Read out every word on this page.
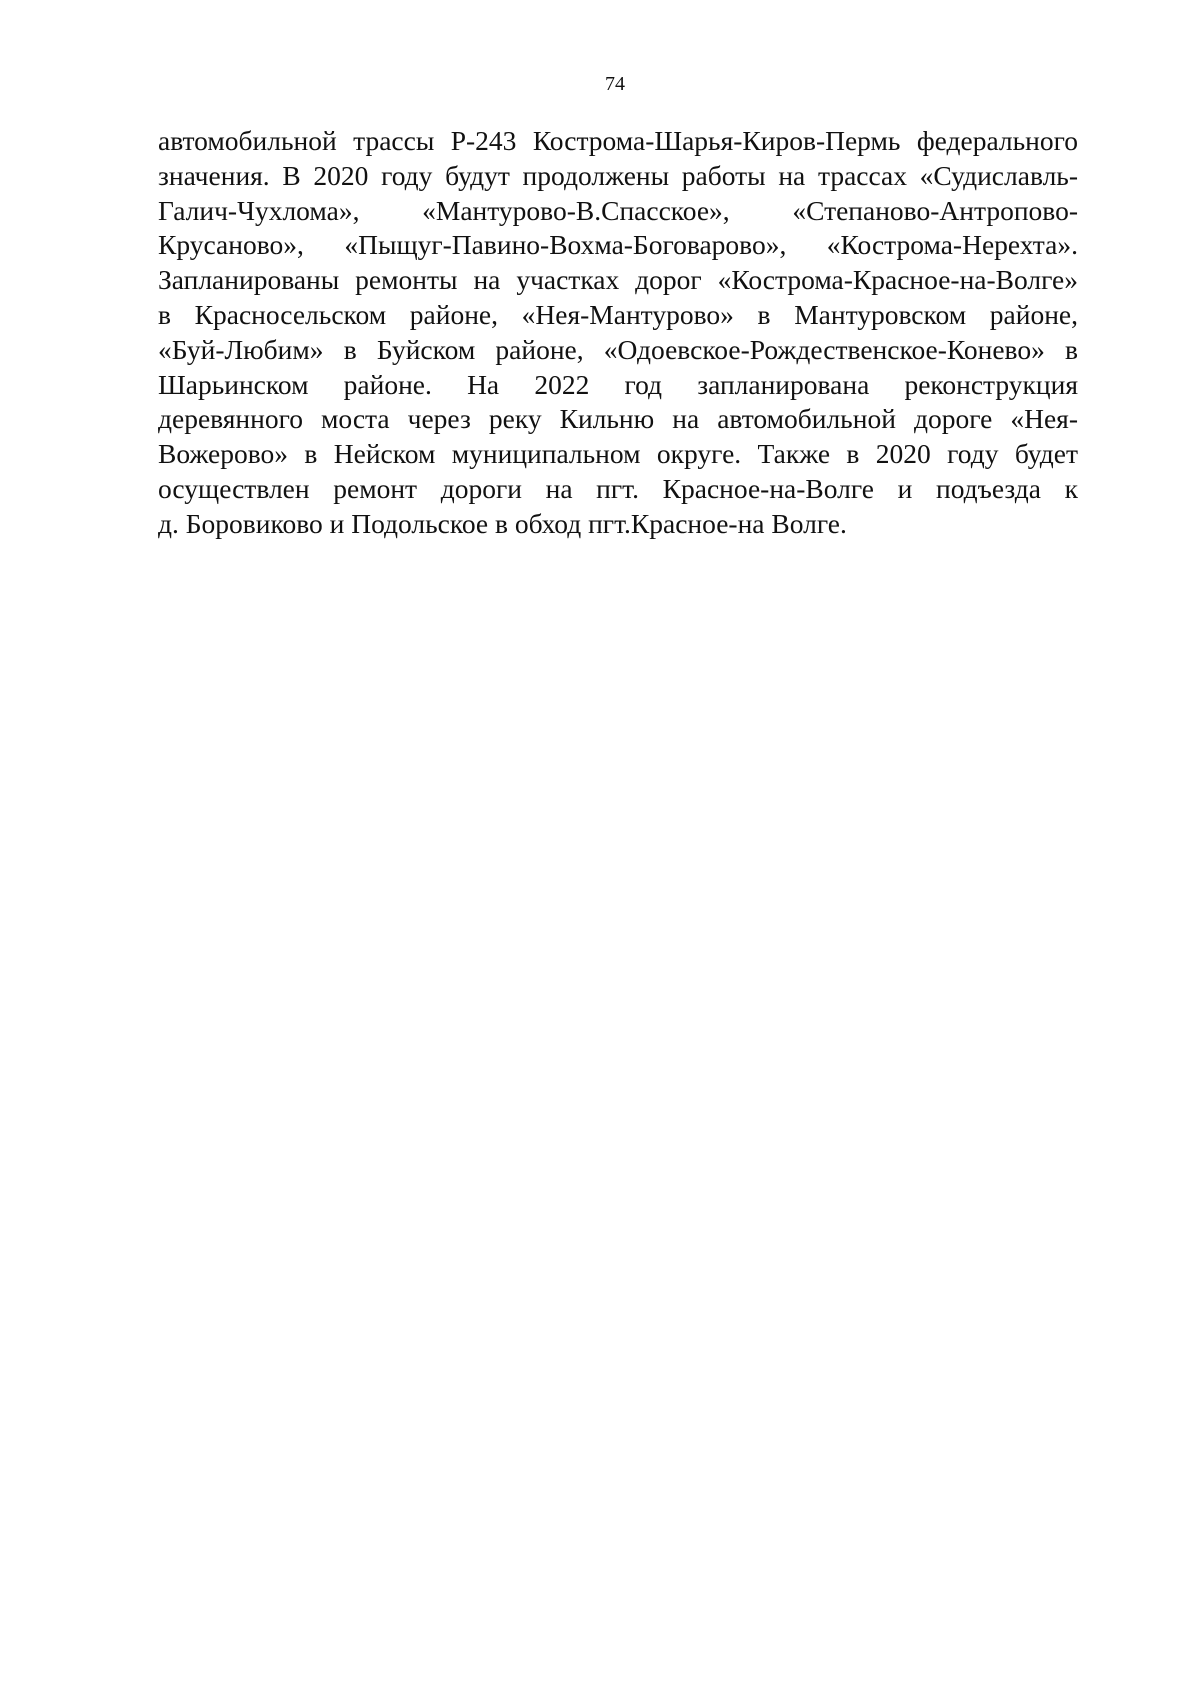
74
автомобильной трассы Р-243 Кострома-Шарья-Киров-Пермь федерального
значения. В 2020 году будут продолжены работы на трассах «Судиславль-
Галич-Чухлома», «Мантурово-В.Спасское», «Степаново-Антропово-
Крусаново», «Пыщуг-Павино-Вохма-Боговарово», «Кострома-Нерехта».
Запланированы ремонты на участках дорог «Кострома-Красное-на-Волге»
в Красносельском районе, «Нея-Мантурово» в Мантуровском районе,
«Буй-Любим» в Буйском районе, «Одоевское-Рождественское-Конево» в
Шарьинском районе. На 2022 год запланирована реконструкция
деревянного моста через реку Кильню на автомобильной дороге «Нея-
Вожерово» в Нейском муниципальном округе. Также в 2020 году будет
осуществлен ремонт дороги на пгт. Красное-на-Волге и подъезда к
д. Боровиково и Подольское в обход пгт.Красное-на Волге.
